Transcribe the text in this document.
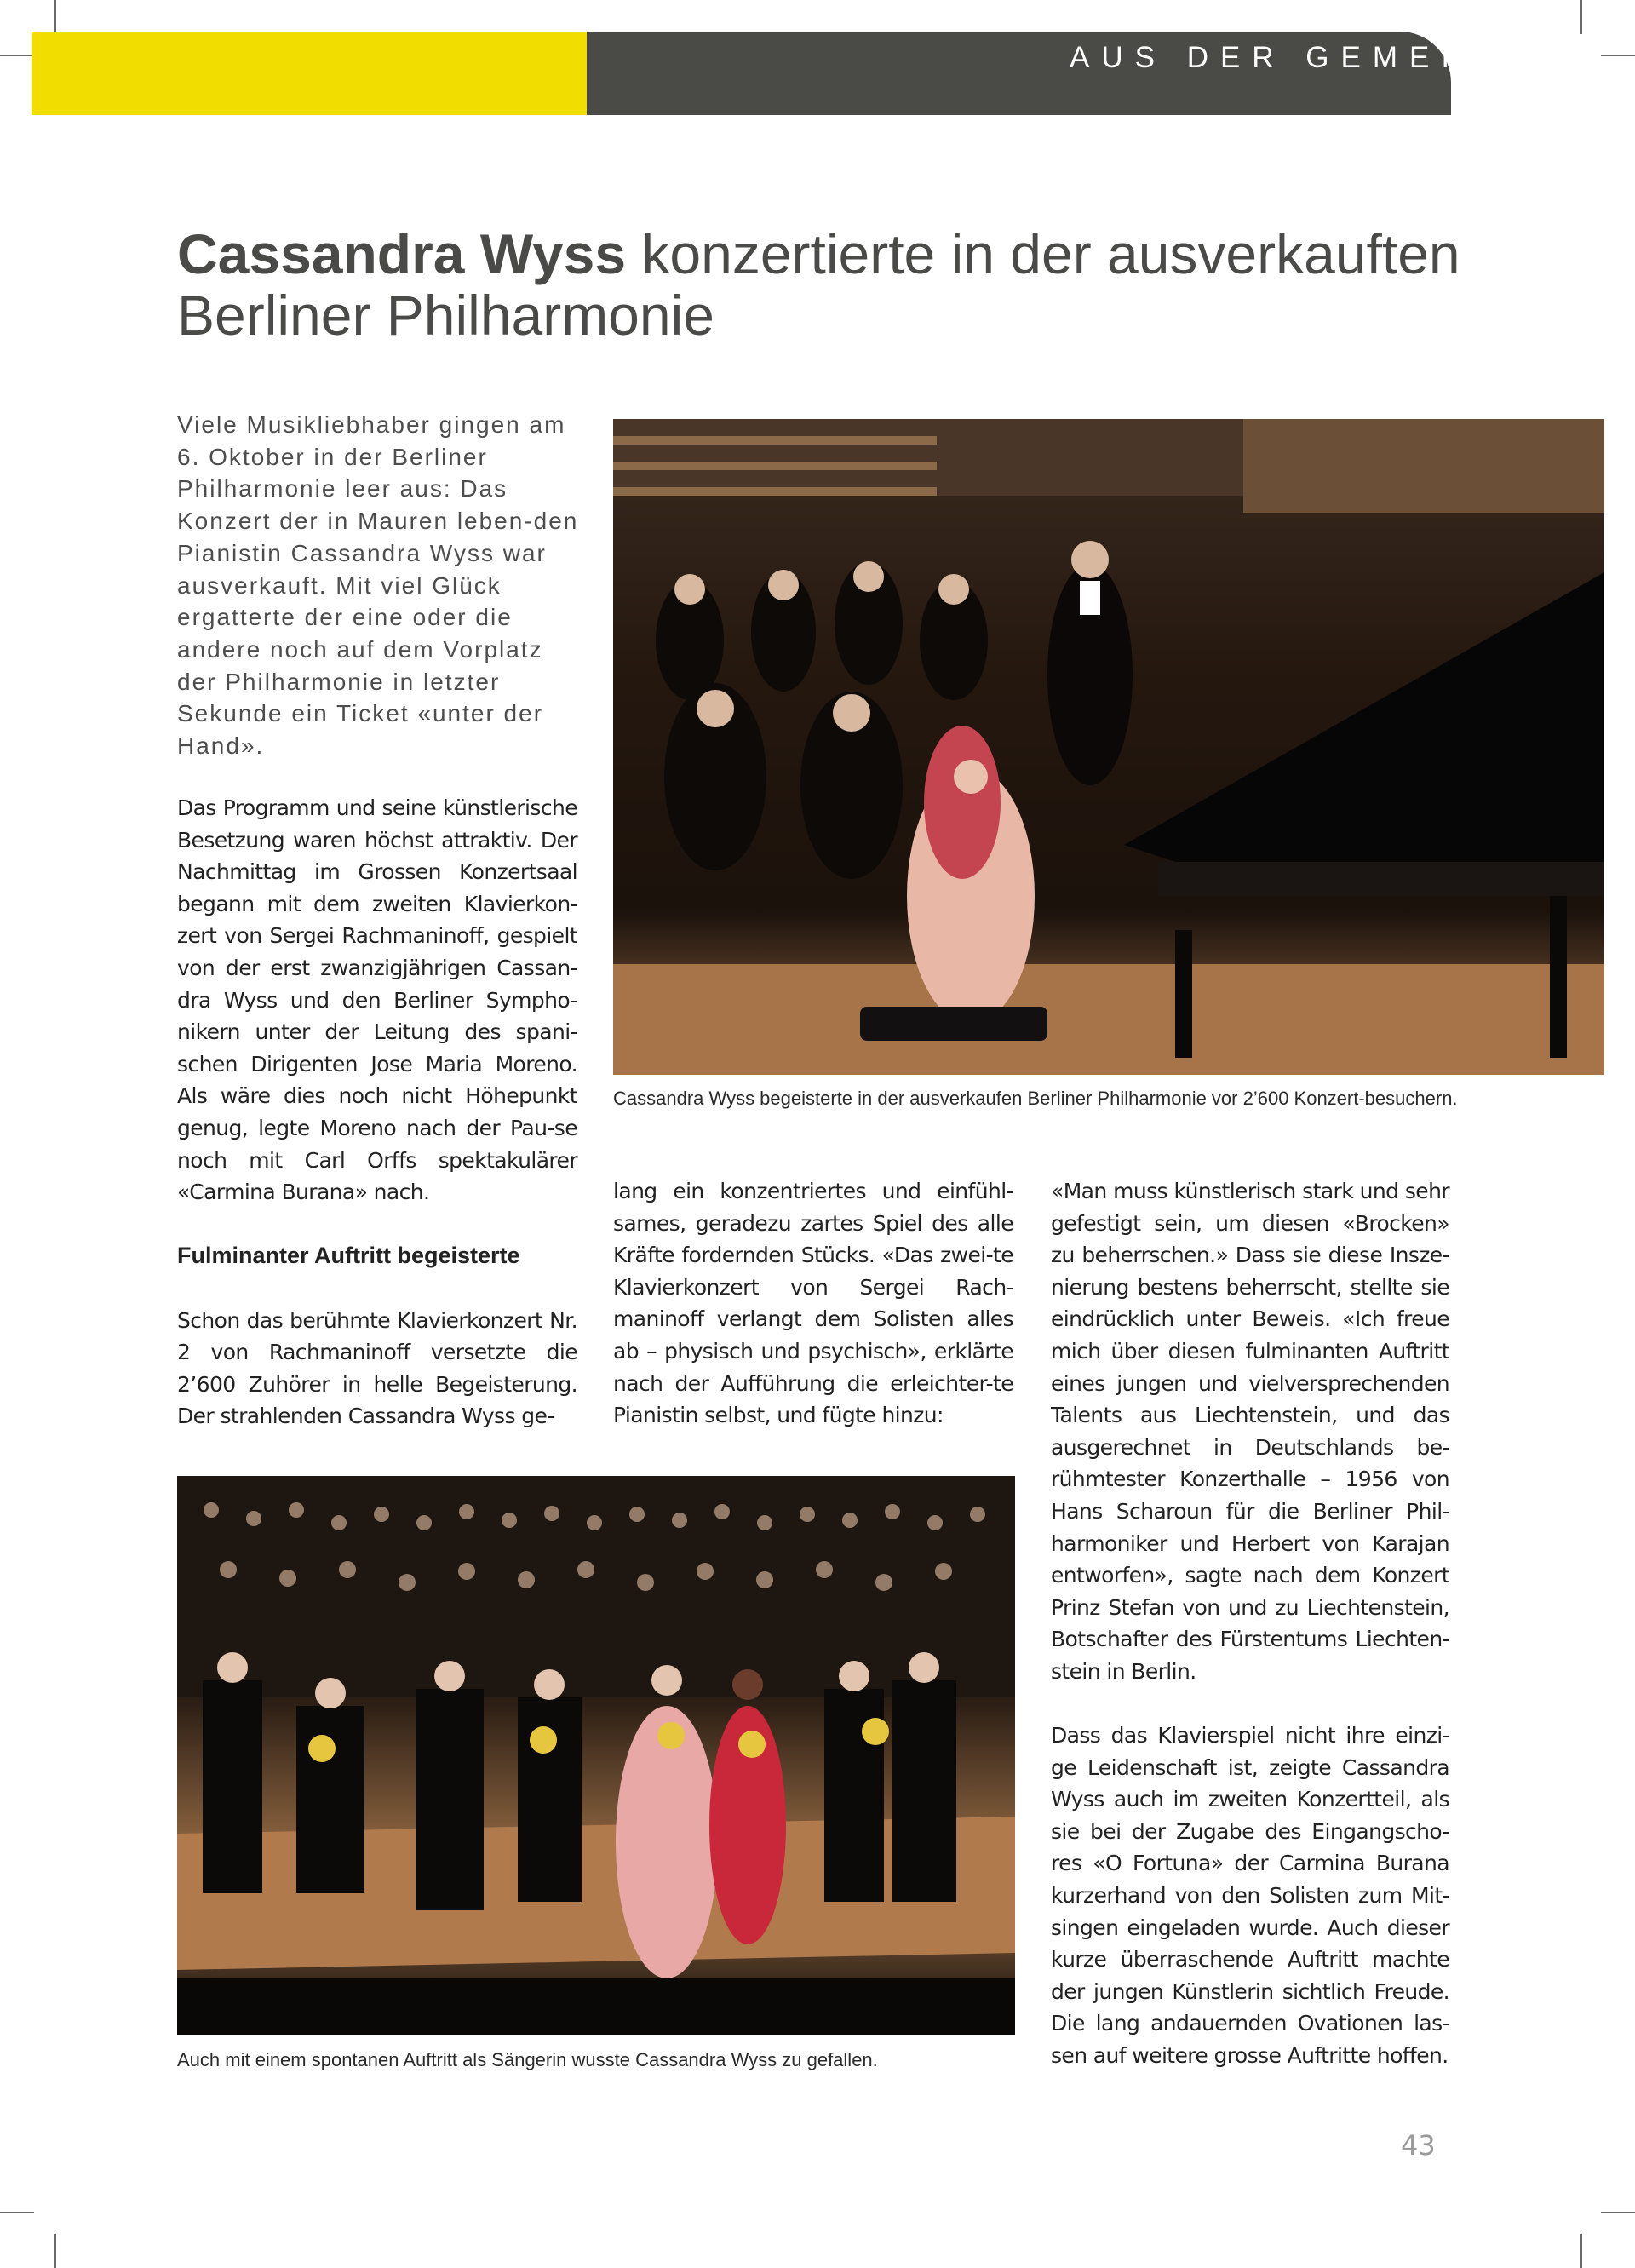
AUS DER GEMEINDE
Cassandra Wyss konzertierte in der ausverkauften Berliner Philharmonie

Viele Musikliebhaber gingen am 6. Oktober in der Berliner Philharmonie leer aus: Das Konzert der in Mauren leben-den Pianistin Cassandra Wyss war ausverkauft. Mit viel Glück ergatterte der eine oder die andere noch auf dem Vorplatz der Philharmonie in letzter Sekunde ein Ticket «unter der Hand».

Cassandra Wyss begeisterte in der ausverkaufen Berliner Philharmonie vor 2’600 Konzert-besuchern.

Das Programm und seine künstlerische Besetzung waren höchst attraktiv. Der Nachmittag im Grossen Konzertsaal begann mit dem zweiten Klavierkon-zert von Sergei Rachmaninoff, gespielt von der erst zwanzigjährigen Cassan-dra Wyss und den Berliner Sympho-nikern unter der Leitung des spani-schen Dirigenten Jose Maria Moreno. Als wäre dies noch nicht Höhepunkt genug, legte Moreno nach der Pau-se noch mit Carl Orffs spektakulärer «Carmina Burana» nach.

Fulminanter Auftritt begeisterte

Schon das berühmte Klavierkonzert Nr. 2 von Rachmaninoff versetzte die 2’600 Zuhörer in helle Begeisterung. Der strahlenden Cassandra Wyss ge-

lang ein konzentriertes und einfühl-sames, geradezu zartes Spiel des alle Kräfte fordernden Stücks. «Das zwei-te Klavierkonzert von Sergei Rach-maninoff verlangt dem Solisten alles ab – physisch und psychisch», erklärte nach der Aufführung die erleichter-te Pianistin selbst, und fügte hinzu:

«Man muss künstlerisch stark und sehr gefestigt sein, um diesen «Brocken» zu beherrschen.» Dass sie diese Insze-nierung bestens beherrscht, stellte sie eindrücklich unter Beweis. «Ich freue mich über diesen fulminanten Auftritt eines jungen und vielversprechenden Talents aus Liechtenstein, und das ausgerechnet in Deutschlands be-rühmtester Konzerthalle – 1956 von Hans Scharoun für die Berliner Phil-harmoniker und Herbert von Karajan entworfen», sagte nach dem Konzert Prinz Stefan von und zu Liechtenstein, Botschafter des Fürstentums Liechten-stein in Berlin.

Dass das Klavierspiel nicht ihre einzi-ge Leidenschaft ist, zeigte Cassandra Wyss auch im zweiten Konzertteil, als sie bei der Zugabe des Eingangscho-res «O Fortuna» der Carmina Burana kurzerhand von den Solisten zum Mit-singen eingeladen wurde. Auch dieser kurze überraschende Auftritt machte der jungen Künstlerin sichtlich Freude. Die lang andauernden Ovationen las-sen auf weitere grosse Auftritte hoffen.

Auch mit einem spontanen Auftritt als Sängerin wusste Cassandra Wyss zu gefallen.
43
